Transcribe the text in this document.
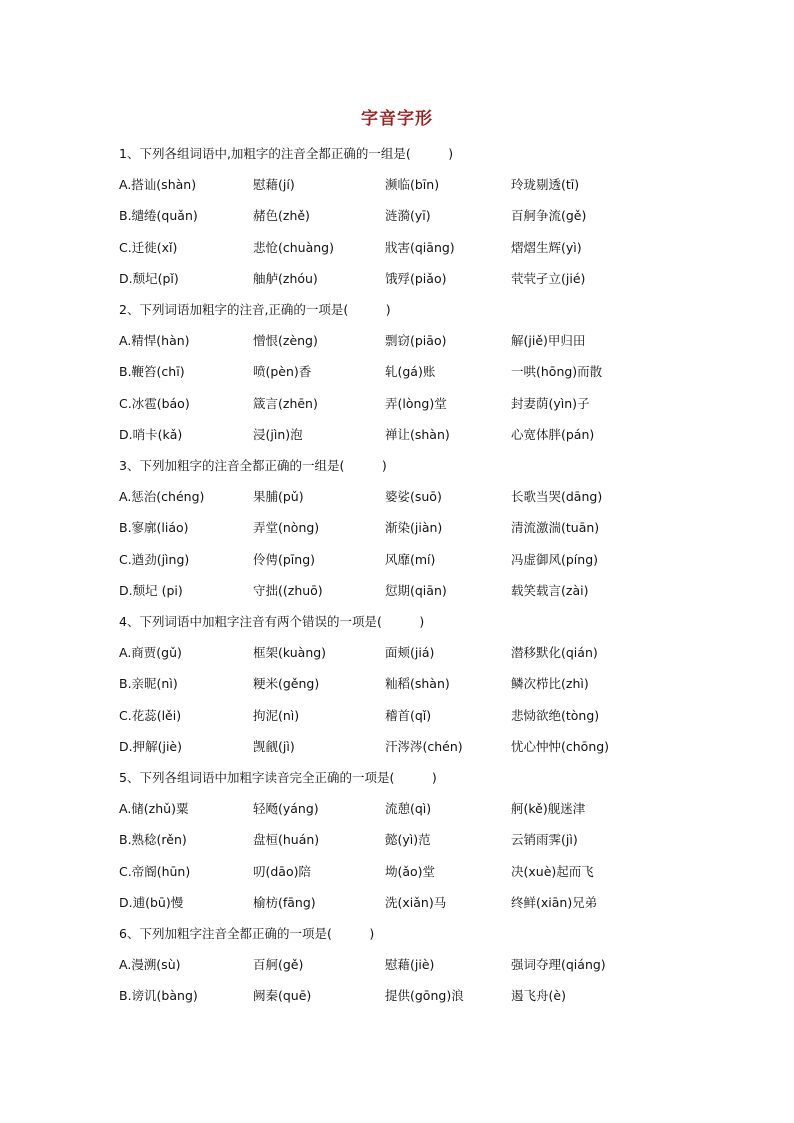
字音字形
1、下列各组词语中,加粗字的注音全都正确的一组是(　　　)
A.搭讪(shàn)	慰藉(jí)	濒临(bīn)	玲珑剔透(tī)
B.缱绻(quǎn)	赭色(zhě)	涟漪(yī)	百舸争流(gě)
C.迁徙(xǐ)	悲怆(chuàng)	戕害(qiāng)	熠熠生辉(yì)
D.颓圮(pǐ)	舳舻(zhóu)	饿殍(piǎo)	茕茕孑立(jié)
2、下列词语加粗字的注音,正确的一项是(　　　)
A.精悍(hàn)	憎恨(zèng)	剽窃(piāo)	解(jiě)甲归田
B.鞭笞(chī)	喷(pèn)香	轧(gá)账	一哄(hōng)而散
C.冰雹(báo)	箴言(zhēn)	弄(lòng)堂	封妻荫(yìn)子
D.哨卡(kǎ)	浸(jìn)泡	禅让(shàn)	心宽体胖(pán)
3、下列加粗字的注音全都正确的一组是(　　　)
A.惩治(chéng)	果脯(pǔ)	婆娑(suō)	长歌当哭(dāng)
B.寥廓(liáo)	弄堂(nòng)	渐染(jiàn)	清流激湍(tuān)
C.遒劲(jìng)	伶俜(pīng)	风靡(mí)	冯虚御风(píng)
D.颓圮 (pi)	守拙((zhuō)	愆期(qiān)	载笑载言(zài)
4、下列词语中加粗字注音有两个错误的一项是(　　　)
A.商贾(gǔ)	框架(kuàng)	面颊(jiá)	潜移默化(qián)
B.亲昵(nì)	粳米(gěng)	籼稻(shàn)	鳞次栉比(zhì)
C.花蕊(lěi)	拘泥(nì)	稽首(qǐ)	悲恸欲绝(tòng)
D.押解(jiè)	觊觎(jì)	汗涔涔(chén)	忧心忡忡(chōng)
5、下列各组词语中加粗字读音完全正确的一项是(　　　)
A.储(zhǔ)粟	轻飏(yáng)	流憩(qì)	舸(kě)舰迷津
B.熟稔(rěn)	盘桓(huán)	懿(yì)范	云销雨霁(jì)
C.帝阍(hūn)	叨(dāo)陪	坳(ǎo)堂	决(xuè)起而飞
D.逋(bū)慢	榆枋(fāng)	洗(xiǎn)马	终鲜(xiān)兄弟
6、下列加粗字注音全都正确的一项是(　　　)
A.漫溯(sù)	百舸(gě)	慰藉(jiè)	强词夺理(qiáng)
B.谤讥(bàng)	阙秦(quē)	提供(gōng)浪	遏飞舟(è)
